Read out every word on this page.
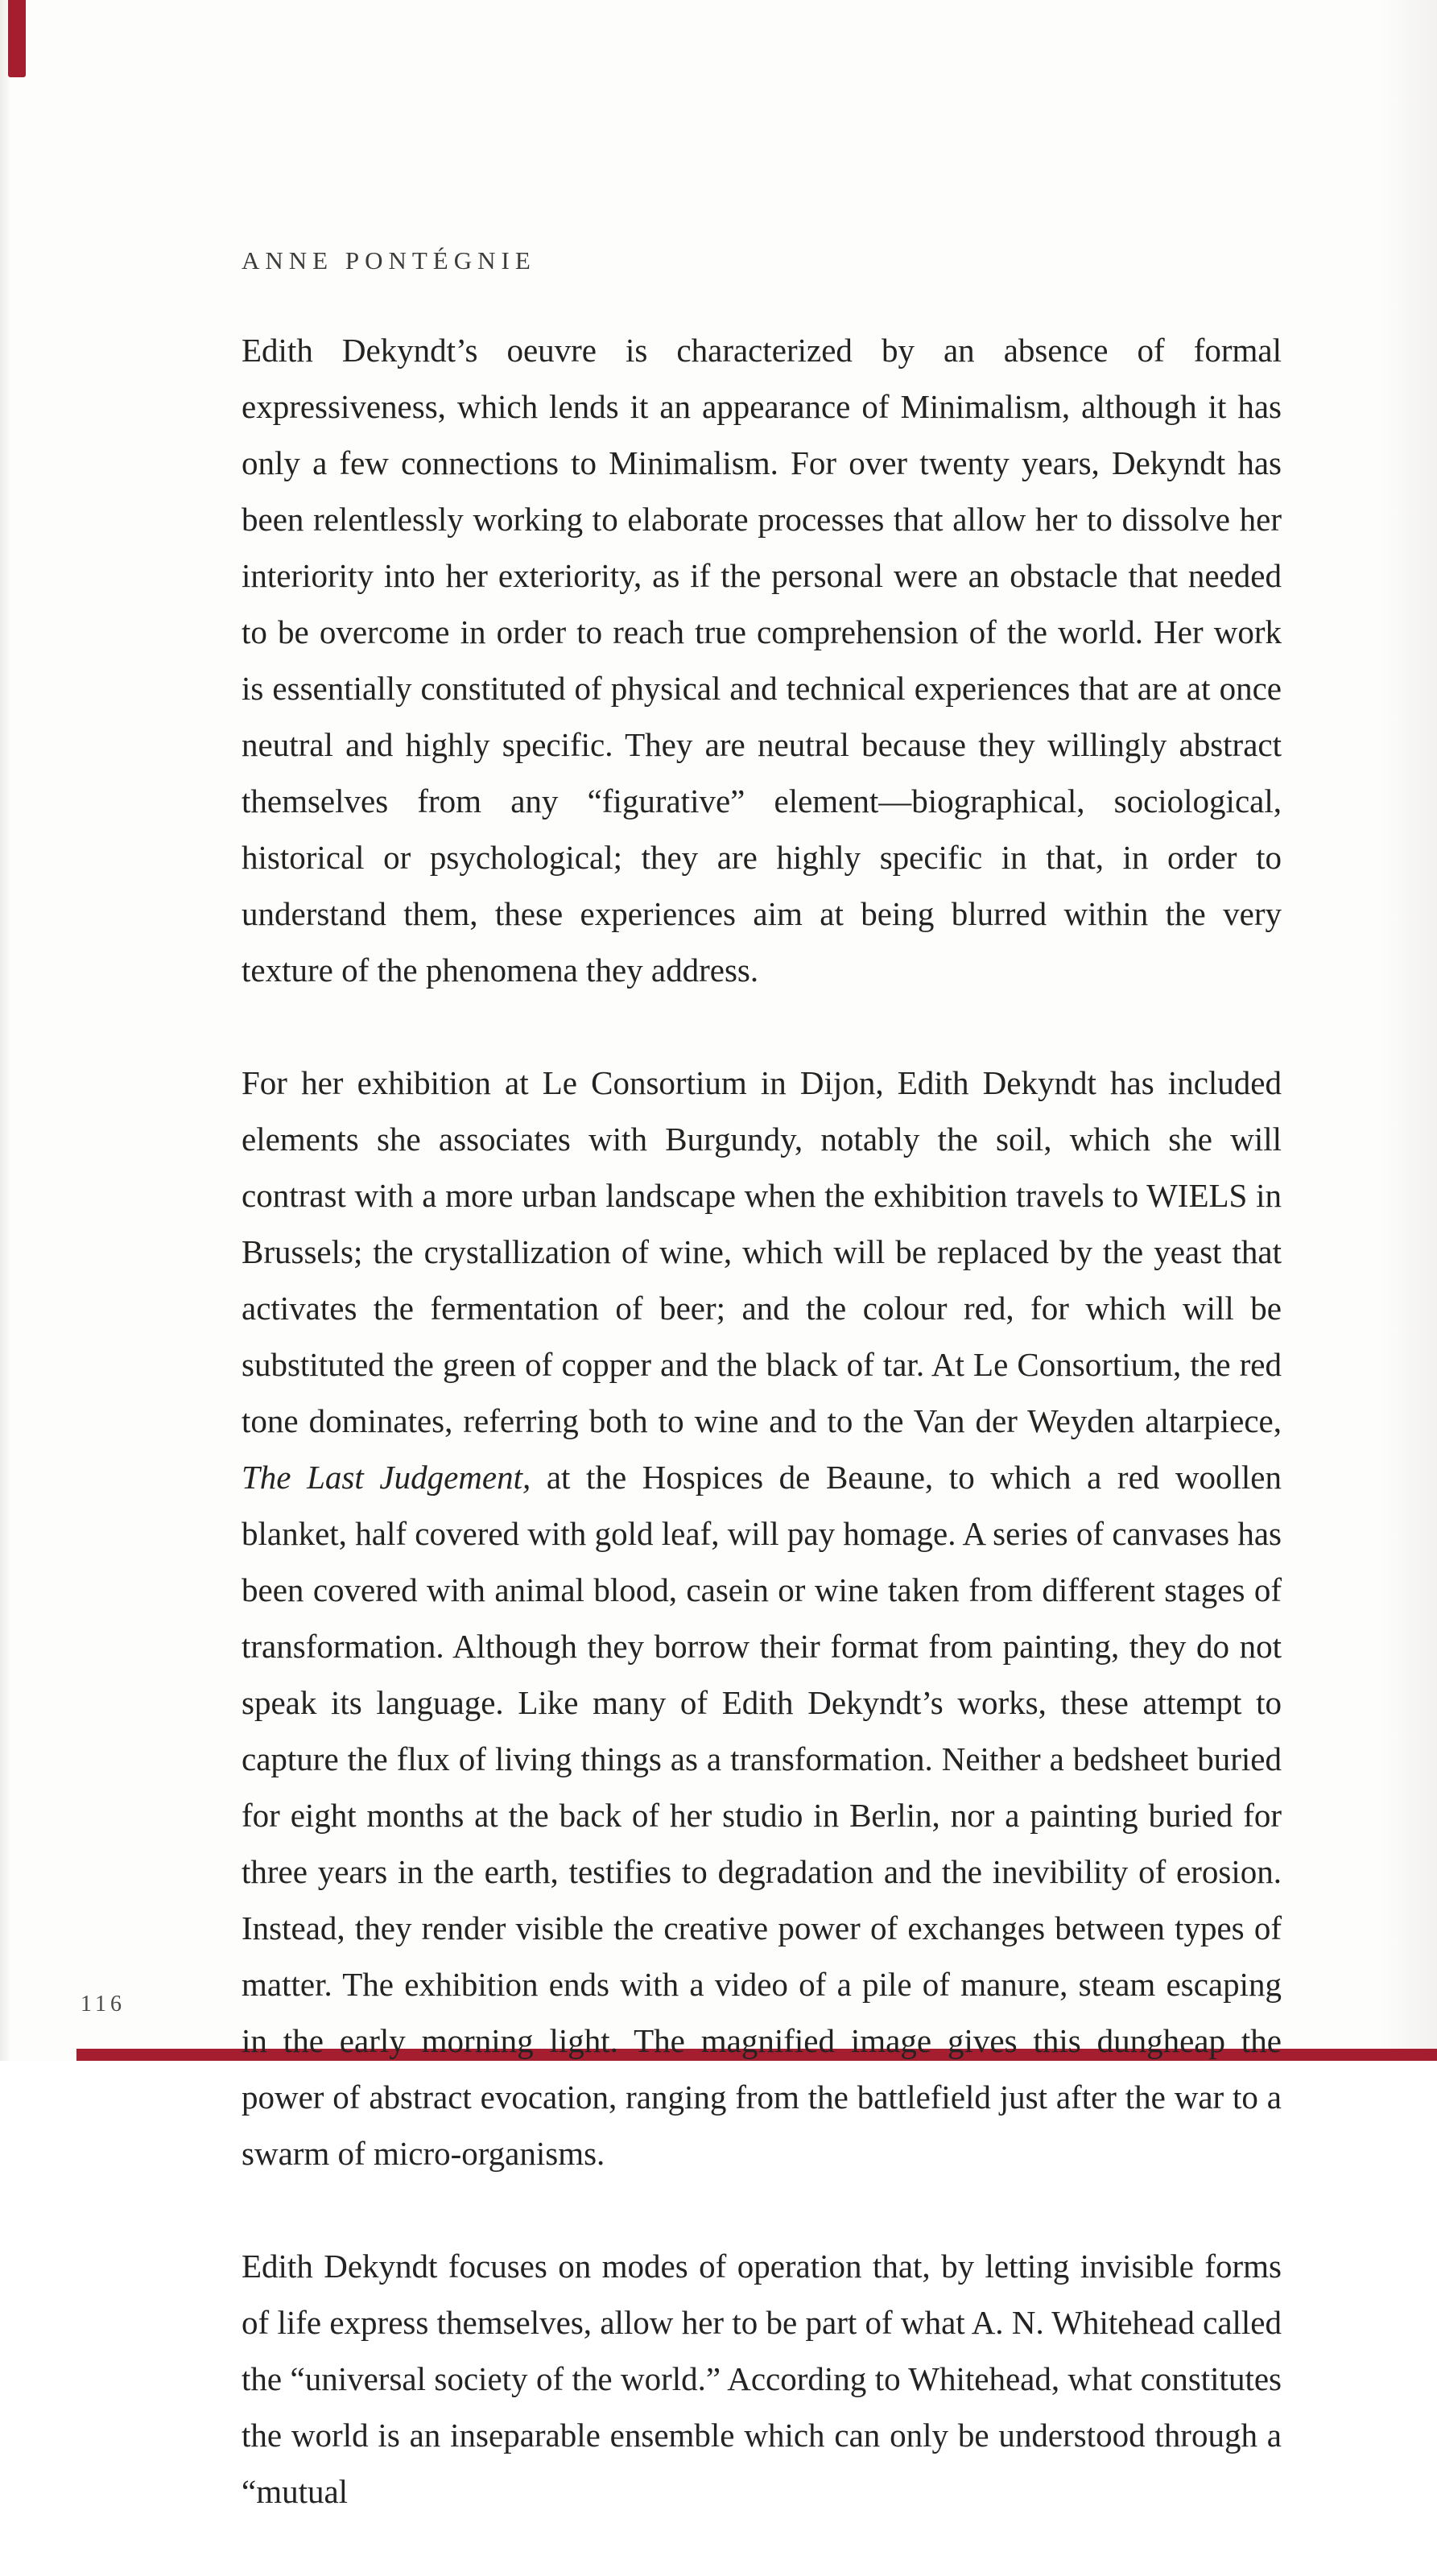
ANNE PONTÉGNIE

Edith Dekyndt’s oeuvre is characterized by an absence of formal expressiveness, which lends it an appearance of Minimalism, although it has only a few connections to Minimalism. For over twenty years, Dekyndt has been relentlessly working to elaborate processes that allow her to dissolve her interiority into her exteriority, as if the personal were an obstacle that needed to be overcome in order to reach true comprehension of the world. Her work is essentially constituted of physical and technical experiences that are at once neutral and highly specific. They are neutral because they willingly abstract themselves from any “figurative” element—biographical, sociological, historical or psychological; they are highly specific in that, in order to understand them, these experiences aim at being blurred within the very texture of the phenomena they address.

For her exhibition at Le Consortium in Dijon, Edith Dekyndt has included elements she associates with Burgundy, notably the soil, which she will contrast with a more urban landscape when the exhibition travels to WIELS in Brussels; the crystallization of wine, which will be replaced by the yeast that activates the fermentation of beer; and the colour red, for which will be substituted the green of copper and the black of tar. At Le Consortium, the red tone dominates, referring both to wine and to the Van der Weyden altarpiece, The Last Judgement, at the Hospices de Beaune, to which a red woollen blanket, half covered with gold leaf, will pay homage. A series of canvases has been covered with animal blood, casein or wine taken from different stages of transformation. Although they borrow their format from painting, they do not speak its language. Like many of Edith Dekyndt’s works, these attempt to capture the flux of living things as a transformation. Neither a bedsheet buried for eight months at the back of her studio in Berlin, nor a painting buried for three years in the earth, testifies to degradation and the inevibility of erosion. Instead, they render visible the creative power of exchanges between types of matter. The exhibition ends with a video of a pile of manure, steam escaping in the early morning light. The magnified image gives this dungheap the power of abstract evocation, ranging from the battlefield just after the war to a swarm of micro-organisms.

Edith Dekyndt focuses on modes of operation that, by letting invisible forms of life express themselves, allow her to be part of what A. N. Whitehead called the “universal society of the world.” According to Whitehead, what constitutes the world is an inseparable ensemble which can only be understood through a “mutual

116
